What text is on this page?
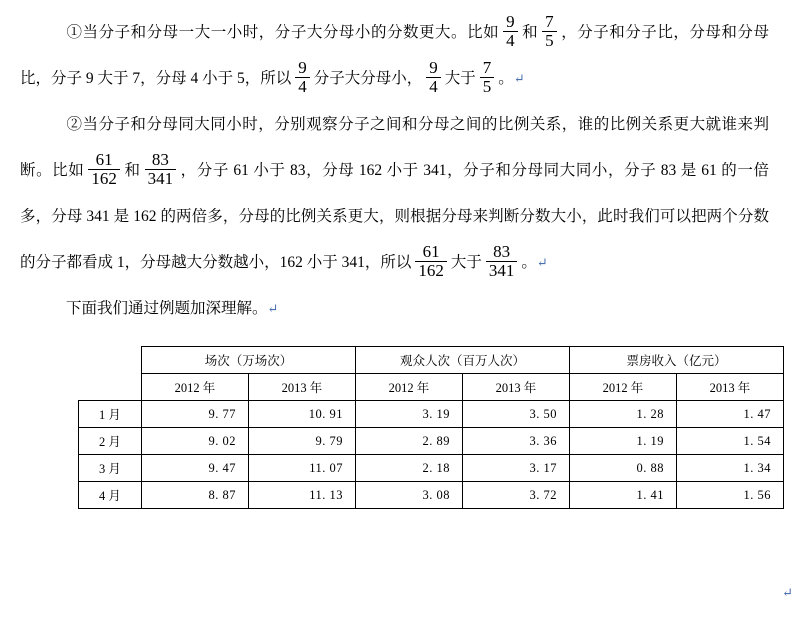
①当分子和分母一大一小时，分子大分母小的分数更大。比如 $\frac{9}{4}$ 和 $\frac{7}{5}$ ，分子和分子比，分母和分母比，分子 9 大于 7，分母 4 小于 5，所以 $\frac{9}{4}$ 分子大分母小， $\frac{9}{4}$ 大于 $\frac{7}{5}$ 。↵

②当分子和分母同大同小时，分别观察分子之间和分母之间的比例关系，谁的比例关系更大就谁来判断。比如 $\frac{61}{162}$ 和 $\frac{83}{341}$ ，分子 61 小于 83，分母 162 小于 341，分子和分母同大同小，分子 83 是 61 的一倍多，分母 341 是 162 的两倍多，分母的比例关系更大，则根据分母来判断分数大小，此时我们可以把两个分数的分子都看成 1，分母越大分数越小，162 小于 341，所以 $\frac{61}{162}$ 大于 $\frac{83}{341}$ 。↵

下面我们通过例题加深理解。↵

	场次（万场次）		观众人次（百万人次）		票房收入（亿元）	
	2012 年	2013 年	2012 年	2013 年	2012 年	2013 年
1 月	9. 77	10. 91	3. 19	3. 50	1. 28	1. 47
2 月	9. 02	9. 79	2. 89	3. 36	1. 19	1. 54
3 月	9. 47	11. 07	2. 18	3. 17	0. 88	1. 34
4 月	8. 87	11. 13	3. 08	3. 72	1. 41	1. 56
↵
